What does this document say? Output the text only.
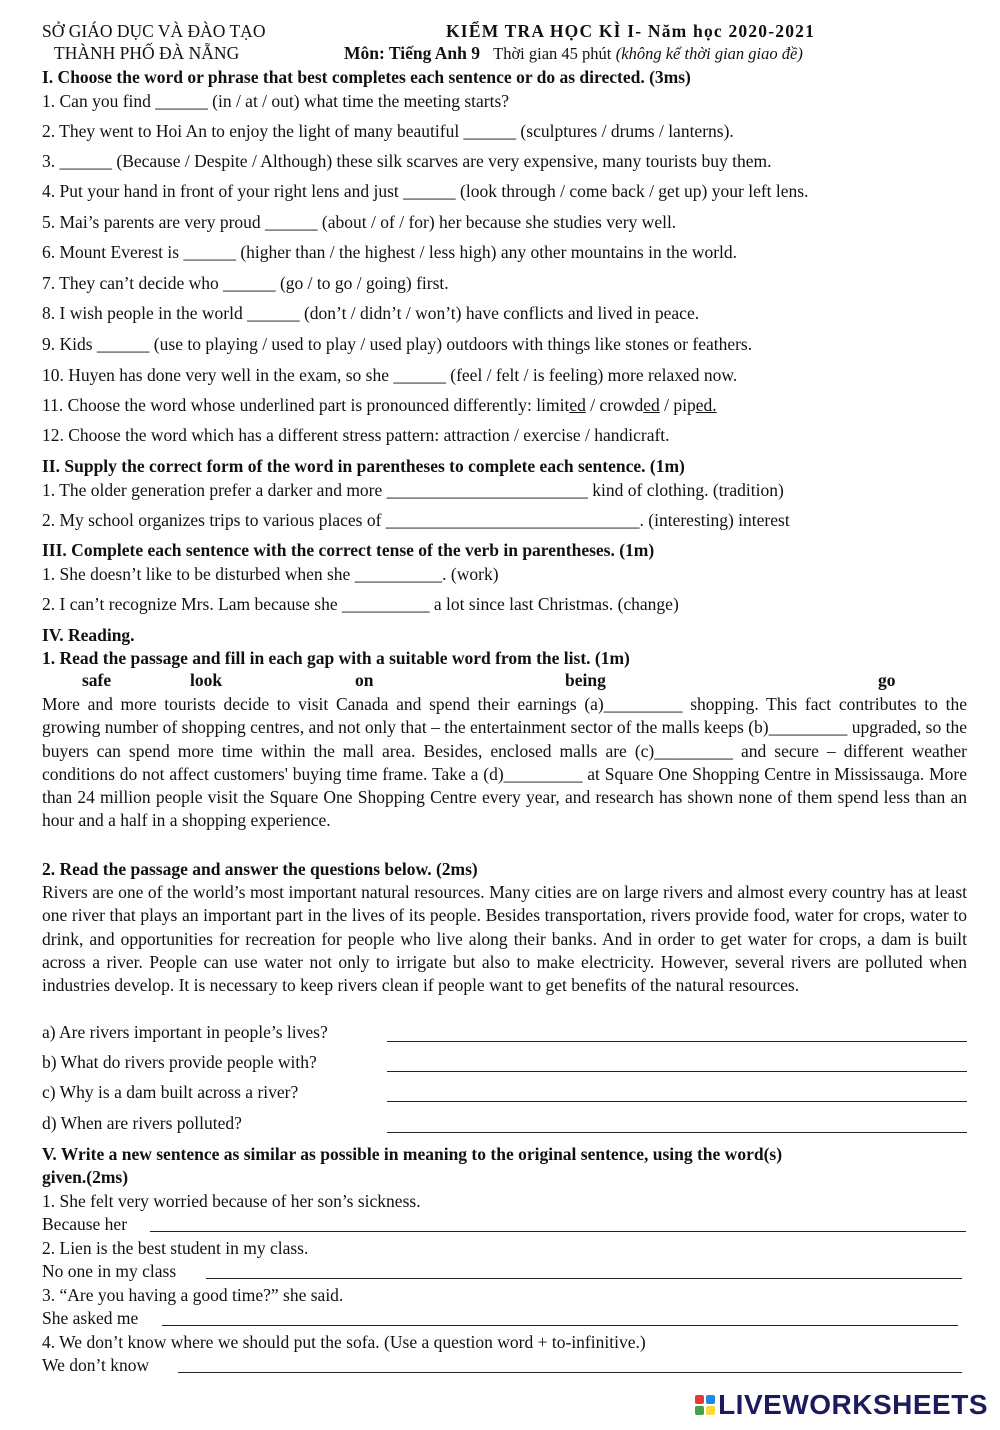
SỞ GIÁO DỤC VÀ ĐÀO TẠO
THÀNH PHỐ ĐÀ NẴNG
KIỂM TRA HỌC KÌ I- Năm học 2020-2021
Môn: Tiếng Anh 9 Thời gian 45 phút (không kể thời gian giao đề)
I. Choose the word or phrase that best completes each sentence or do as directed. (3ms)
1. Can you find ______ (in / at / out) what time the meeting starts?
2. They went to Hoi An to enjoy the light of many beautiful ______ (sculptures / drums / lanterns).
3. ______ (Because / Despite / Although) these silk scarves are very expensive, many tourists buy them.
4. Put your hand in front of your right lens and just ______ (look through / come back / get up) your left lens.
5. Mai’s parents are very proud ______ (about / of / for) her because she studies very well.
6. Mount Everest is ______ (higher than / the highest / less high) any other mountains in the world.
7. They can’t decide who ______ (go / to go / going) first.
8. I wish people in the world ______ (don’t / didn’t / won’t) have conflicts and lived in peace.
9. Kids ______ (use to playing / used to play / used play) outdoors with things like stones or feathers.
10. Huyen has done very well in the exam, so she ______ (feel / felt / is feeling) more relaxed now.
11. Choose the word whose underlined part is pronounced differently: limited / crowded / piped.
12. Choose the word which has a different stress pattern: attraction / exercise / handicraft.
II. Supply the correct form of the word in parentheses to complete each sentence. (1m)
1. The older generation prefer a darker and more _______________________ kind of clothing. (tradition)
2. My school organizes trips to various places of _____________________________. (interesting) interest
III. Complete each sentence with the correct tense of the verb in parentheses. (1m)
1. She doesn’t like to be disturbed when she __________. (work)
2. I can’t recognize Mrs. Lam because she __________ a lot since last Christmas. (change)
IV. Reading.
1. Read the passage and fill in each gap with a suitable word from the list. (1m)
safe	look	on	being	go
More and more tourists decide to visit Canada and spend their earnings (a)_________ shopping. This fact contributes to the growing number of shopping centres, and not only that – the entertainment sector of the malls keeps (b)_________ upgraded, so the buyers can spend more time within the mall area. Besides, enclosed malls are (c)_________ and secure – different weather conditions do not affect customers' buying time frame. Take a (d)_________ at Square One Shopping Centre in Mississauga. More than 24 million people visit the Square One Shopping Centre every year, and research has shown none of them spend less than an hour and a half in a shopping experience.
2. Read the passage and answer the questions below. (2ms)
Rivers are one of the world’s most important natural resources. Many cities are on large rivers and almost every country has at least one river that plays an important part in the lives of its people. Besides transportation, rivers provide food, water for crops, water to drink, and opportunities for recreation for people who live along their banks. And in order to get water for crops, a dam is built across a river. People can use water not only to irrigate but also to make electricity. However, several rivers are polluted when industries develop. It is necessary to keep rivers clean if people want to get benefits of the natural resources.
a) Are rivers important in people’s lives?
b) What do rivers provide people with?
c) Why is a dam built across a river?
d) When are rivers polluted?
V. Write a new sentence as similar as possible in meaning to the original sentence, using the word(s)
given.(2ms)
1. She felt very worried because of her son’s sickness.
Because her
2. Lien is the best student in my class.
No one in my class
3. “Are you having a good time?” she said.
She asked me
4. We don’t know where we should put the sofa. (Use a question word + to-infinitive.)
We don’t know
LIVEWORKSHEETS
